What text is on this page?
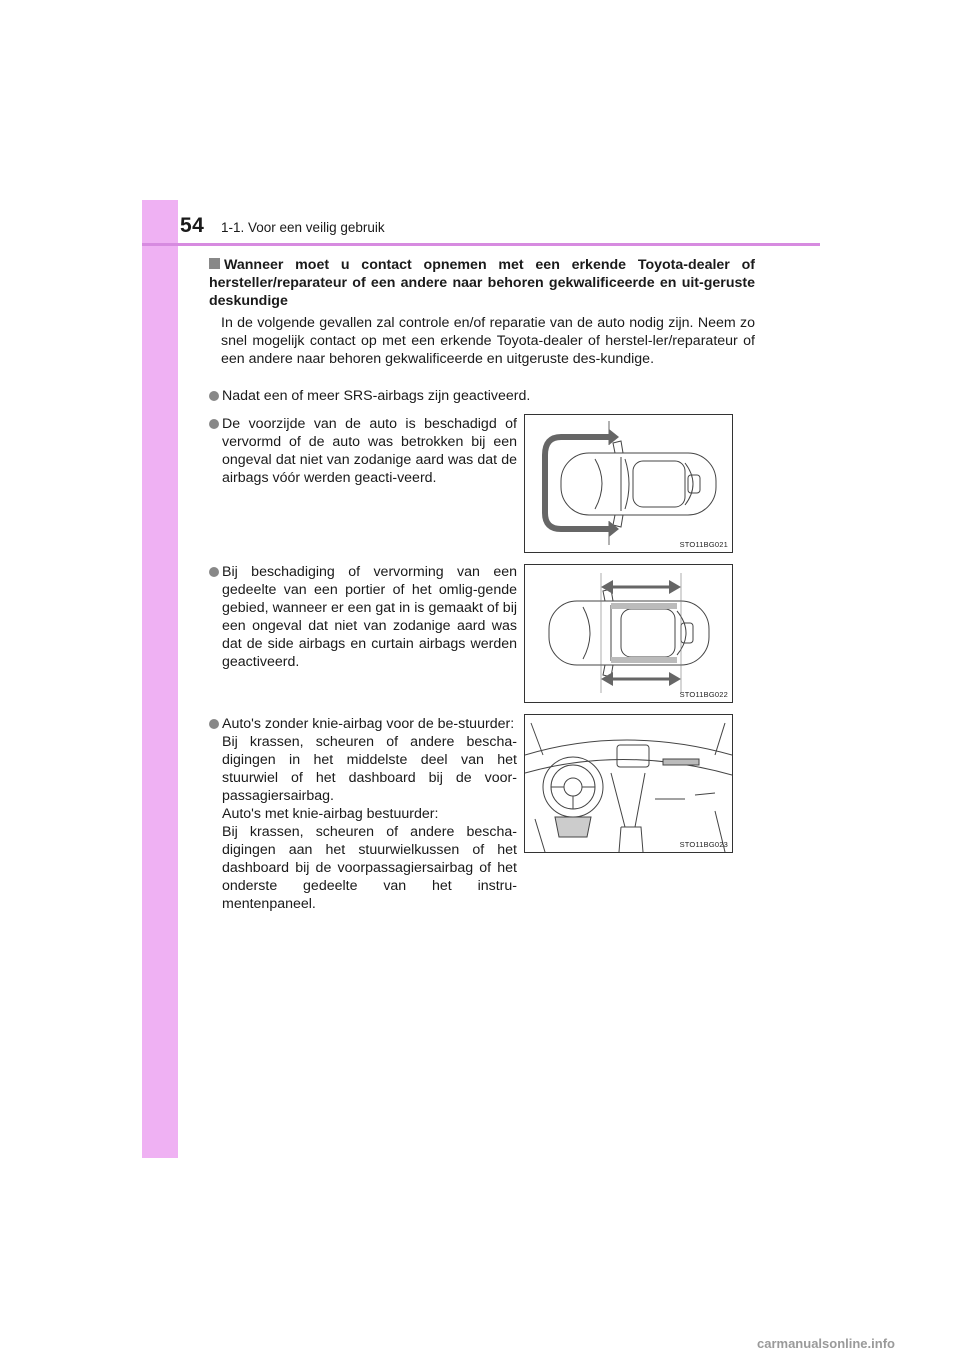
54 1-1. Voor een veilig gebruik
Wanneer moet u contact opnemen met een erkende Toyota-dealer of hersteller/reparateur of een andere naar behoren gekwalificeerde en uit-geruste deskundige
In de volgende gevallen zal controle en/of reparatie van de auto nodig zijn. Neem zo snel mogelijk contact op met een erkende Toyota-dealer of herstel-ler/reparateur of een andere naar behoren gekwalificeerde en uitgeruste des-kundige.
Nadat een of meer SRS-airbags zijn geactiveerd.
De voorzijde van de auto is beschadigd of vervormd of de auto was betrokken bij een ongeval dat niet van zodanige aard was dat de airbags vóór werden geacti-veerd.
Bij beschadiging of vervorming van een gedeelte van een portier of het omlig-gende gebied, wanneer er een gat in is gemaakt of bij een ongeval dat niet van zodanige aard was dat de side airbags en curtain airbags werden geactiveerd.
Auto's zonder knie-airbag voor de be-stuurder:
Bij krassen, scheuren of andere bescha-digingen in het middelste deel van het stuurwiel of het dashboard bij de voor-passagiersairbag.
Auto's met knie-airbag bestuurder:
Bij krassen, scheuren of andere bescha-digingen aan het stuurwielkussen of het dashboard bij de voorpassagiersairbag of het onderste gedeelte van het instru-mentenpaneel.
STO11BG021
STO11BG022
STO11BG023
carmanualsonline.info
